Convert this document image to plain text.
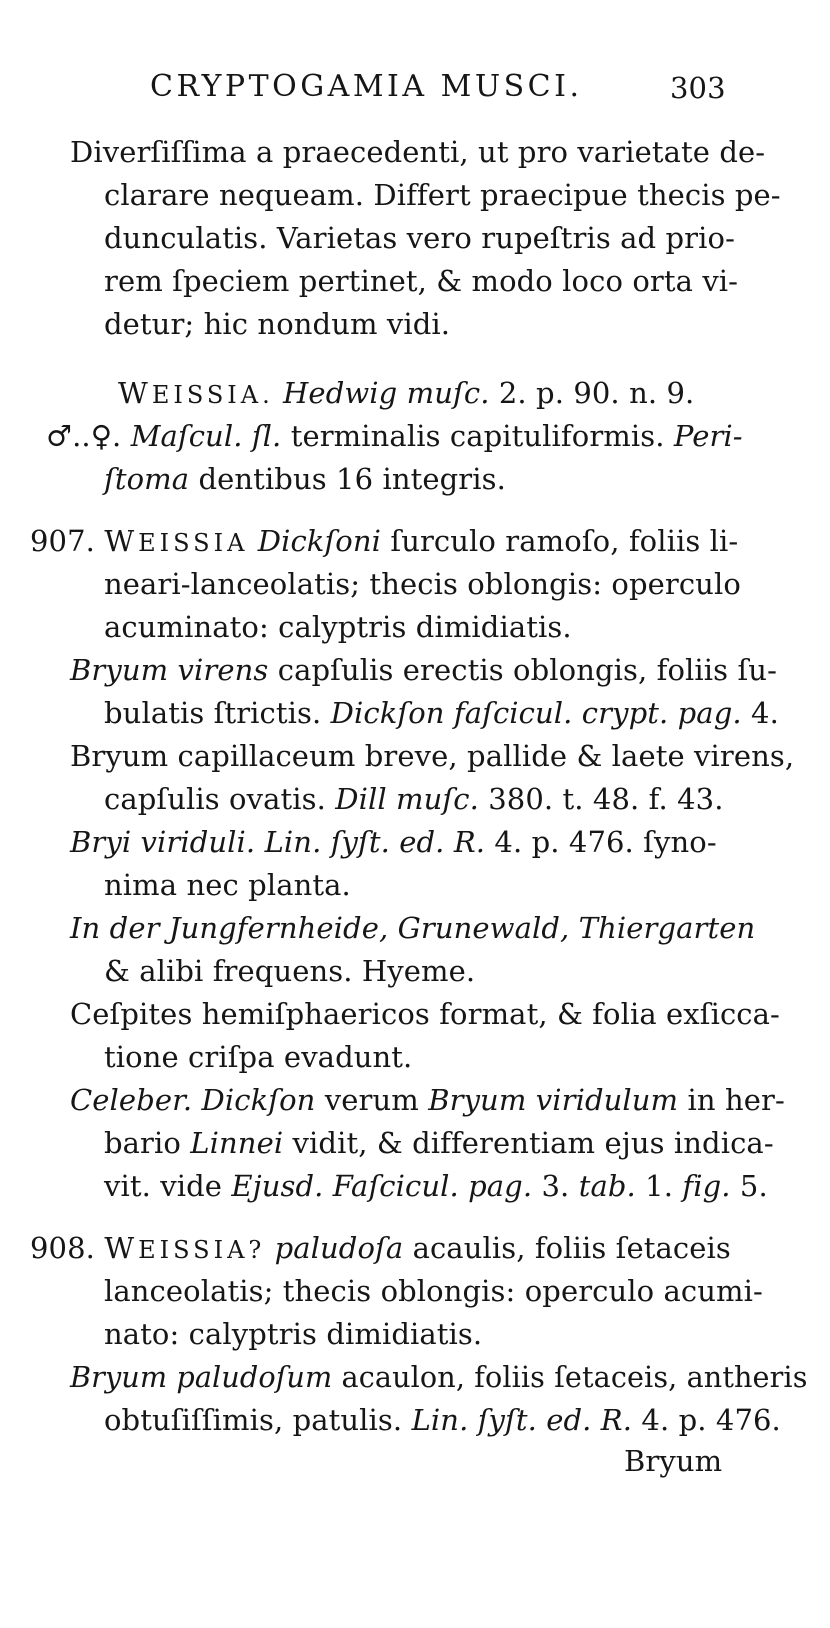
CRYPTOGAMIA MUSCI.	303
Diverſiſſima a praecedenti, ut pro varietate de-
clarare nequeam. Differt praecipue thecis pe-
dunculatis. Varietas vero rupeſtris ad prio-
rem ſpeciem pertinet, & modo loco orta vi-
detur; hic nondum vidi.
WEISSIA. Hedwig muſc. 2. p. 90. n. 9.
♂..♀. Maſcul. ſl. terminalis capituliformis. Peri-
ſtoma dentibus 16 integris.
907. WEISSIA Dickſoni ſurculo ramoſo, foliis li-
neari-lanceolatis; thecis oblongis: operculo
acuminato: calyptris dimidiatis.
Bryum virens capſulis erectis oblongis, foliis ſu-
bulatis ſtrictis. Dickſon faſcicul. crypt. pag. 4.
Bryum capillaceum breve, pallide & laete virens,
capſulis ovatis. Dill muſc. 380. t. 48. f. 43.
Bryi viriduli. Lin. ſyſt. ed. R. 4. p. 476. ſyno-
nima nec planta.
In der Jungfernheide, Grunewald, Thiergarten
& alibi frequens. Hyeme.
Ceſpites hemiſphaericos format, & folia exſicca-
tione criſpa evadunt.
Celeber. Dickſon verum Bryum viridulum in her-
bario Linnei vidit, & differentiam ejus indica-
vit. vide Ejusd. Faſcicul. pag. 3. tab. 1. fig. 5.
908. WEISSIA? paludoſa acaulis, foliis ſetaceis
lanceolatis; thecis oblongis: operculo acumi-
nato: calyptris dimidiatis.
Bryum paludoſum acaulon, foliis ſetaceis, antheris
obtuſiſſimis, patulis. Lin. ſyſt. ed. R. 4. p. 476.
Bryum
